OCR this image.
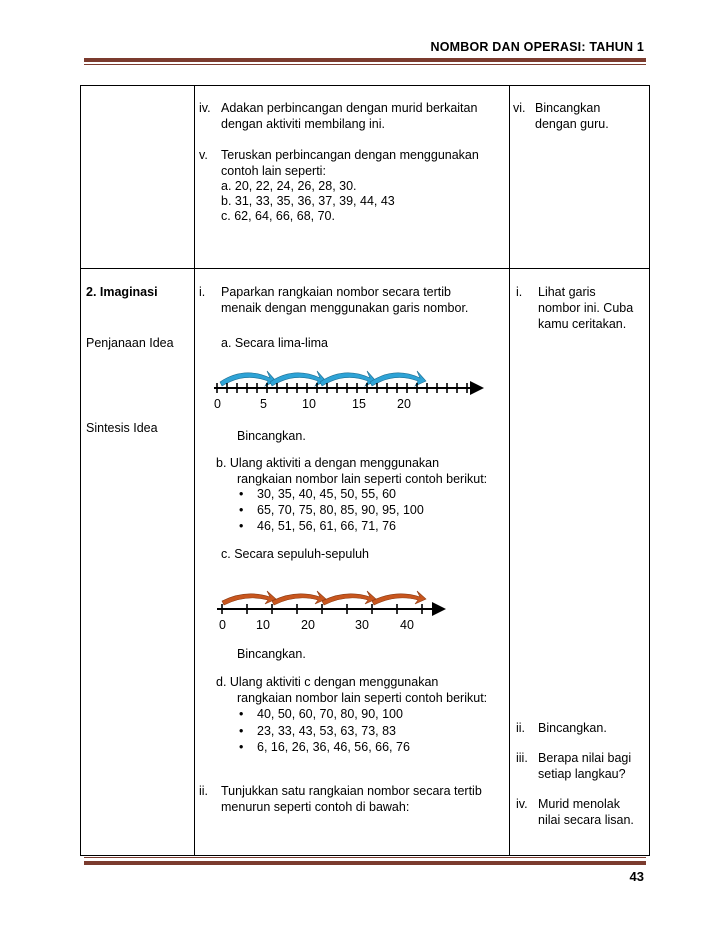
NOMBOR DAN OPERASI: TAHUN 1
2. Imaginasi
Penjanaan Idea
Sintesis Idea
iv. Adakan perbincangan dengan murid berkaitan
dengan aktiviti membilang ini.
v. Teruskan perbincangan dengan menggunakan
contoh lain seperti:
a. 20, 22, 24, 26, 28, 30.
b. 31, 33, 35, 36, 37, 39, 44, 43
c. 62, 64, 66, 68, 70.
vi. Bincangkan
dengan guru.
i. Paparkan rangkaian nombor secara tertib
menaik dengan menggunakan garis nombor.
a. Secara lima-lima
0	5	10	15 20
Bincangkan.
b. Ulang aktiviti a dengan menggunakan
rangkaian nombor lain seperti contoh berikut:
• 30, 35, 40, 45, 50, 55, 60
• 65, 70, 75, 80, 85, 90, 95, 100
• 46, 51, 56, 61, 66, 71, 76
c. Secara sepuluh-sepuluh
0 10 20	30 40
Bincangkan.
d. Ulang aktiviti c dengan menggunakan
rangkaian nombor lain seperti contoh berikut:
• 40, 50, 60, 70, 80, 90, 100
• 23, 33, 43, 53, 63, 73, 83
• 6, 16, 26, 36, 46, 56, 66, 76
ii. Tunjukkan satu rangkaian nombor secara tertib
menurun seperti contoh di bawah:
i. Lihat garis
nombor ini. Cuba
kamu ceritakan.
ii. Bincangkan.
iii. Berapa nilai bagi
setiap langkau?
iv. Murid menolak
nilai secara lisan.
43
